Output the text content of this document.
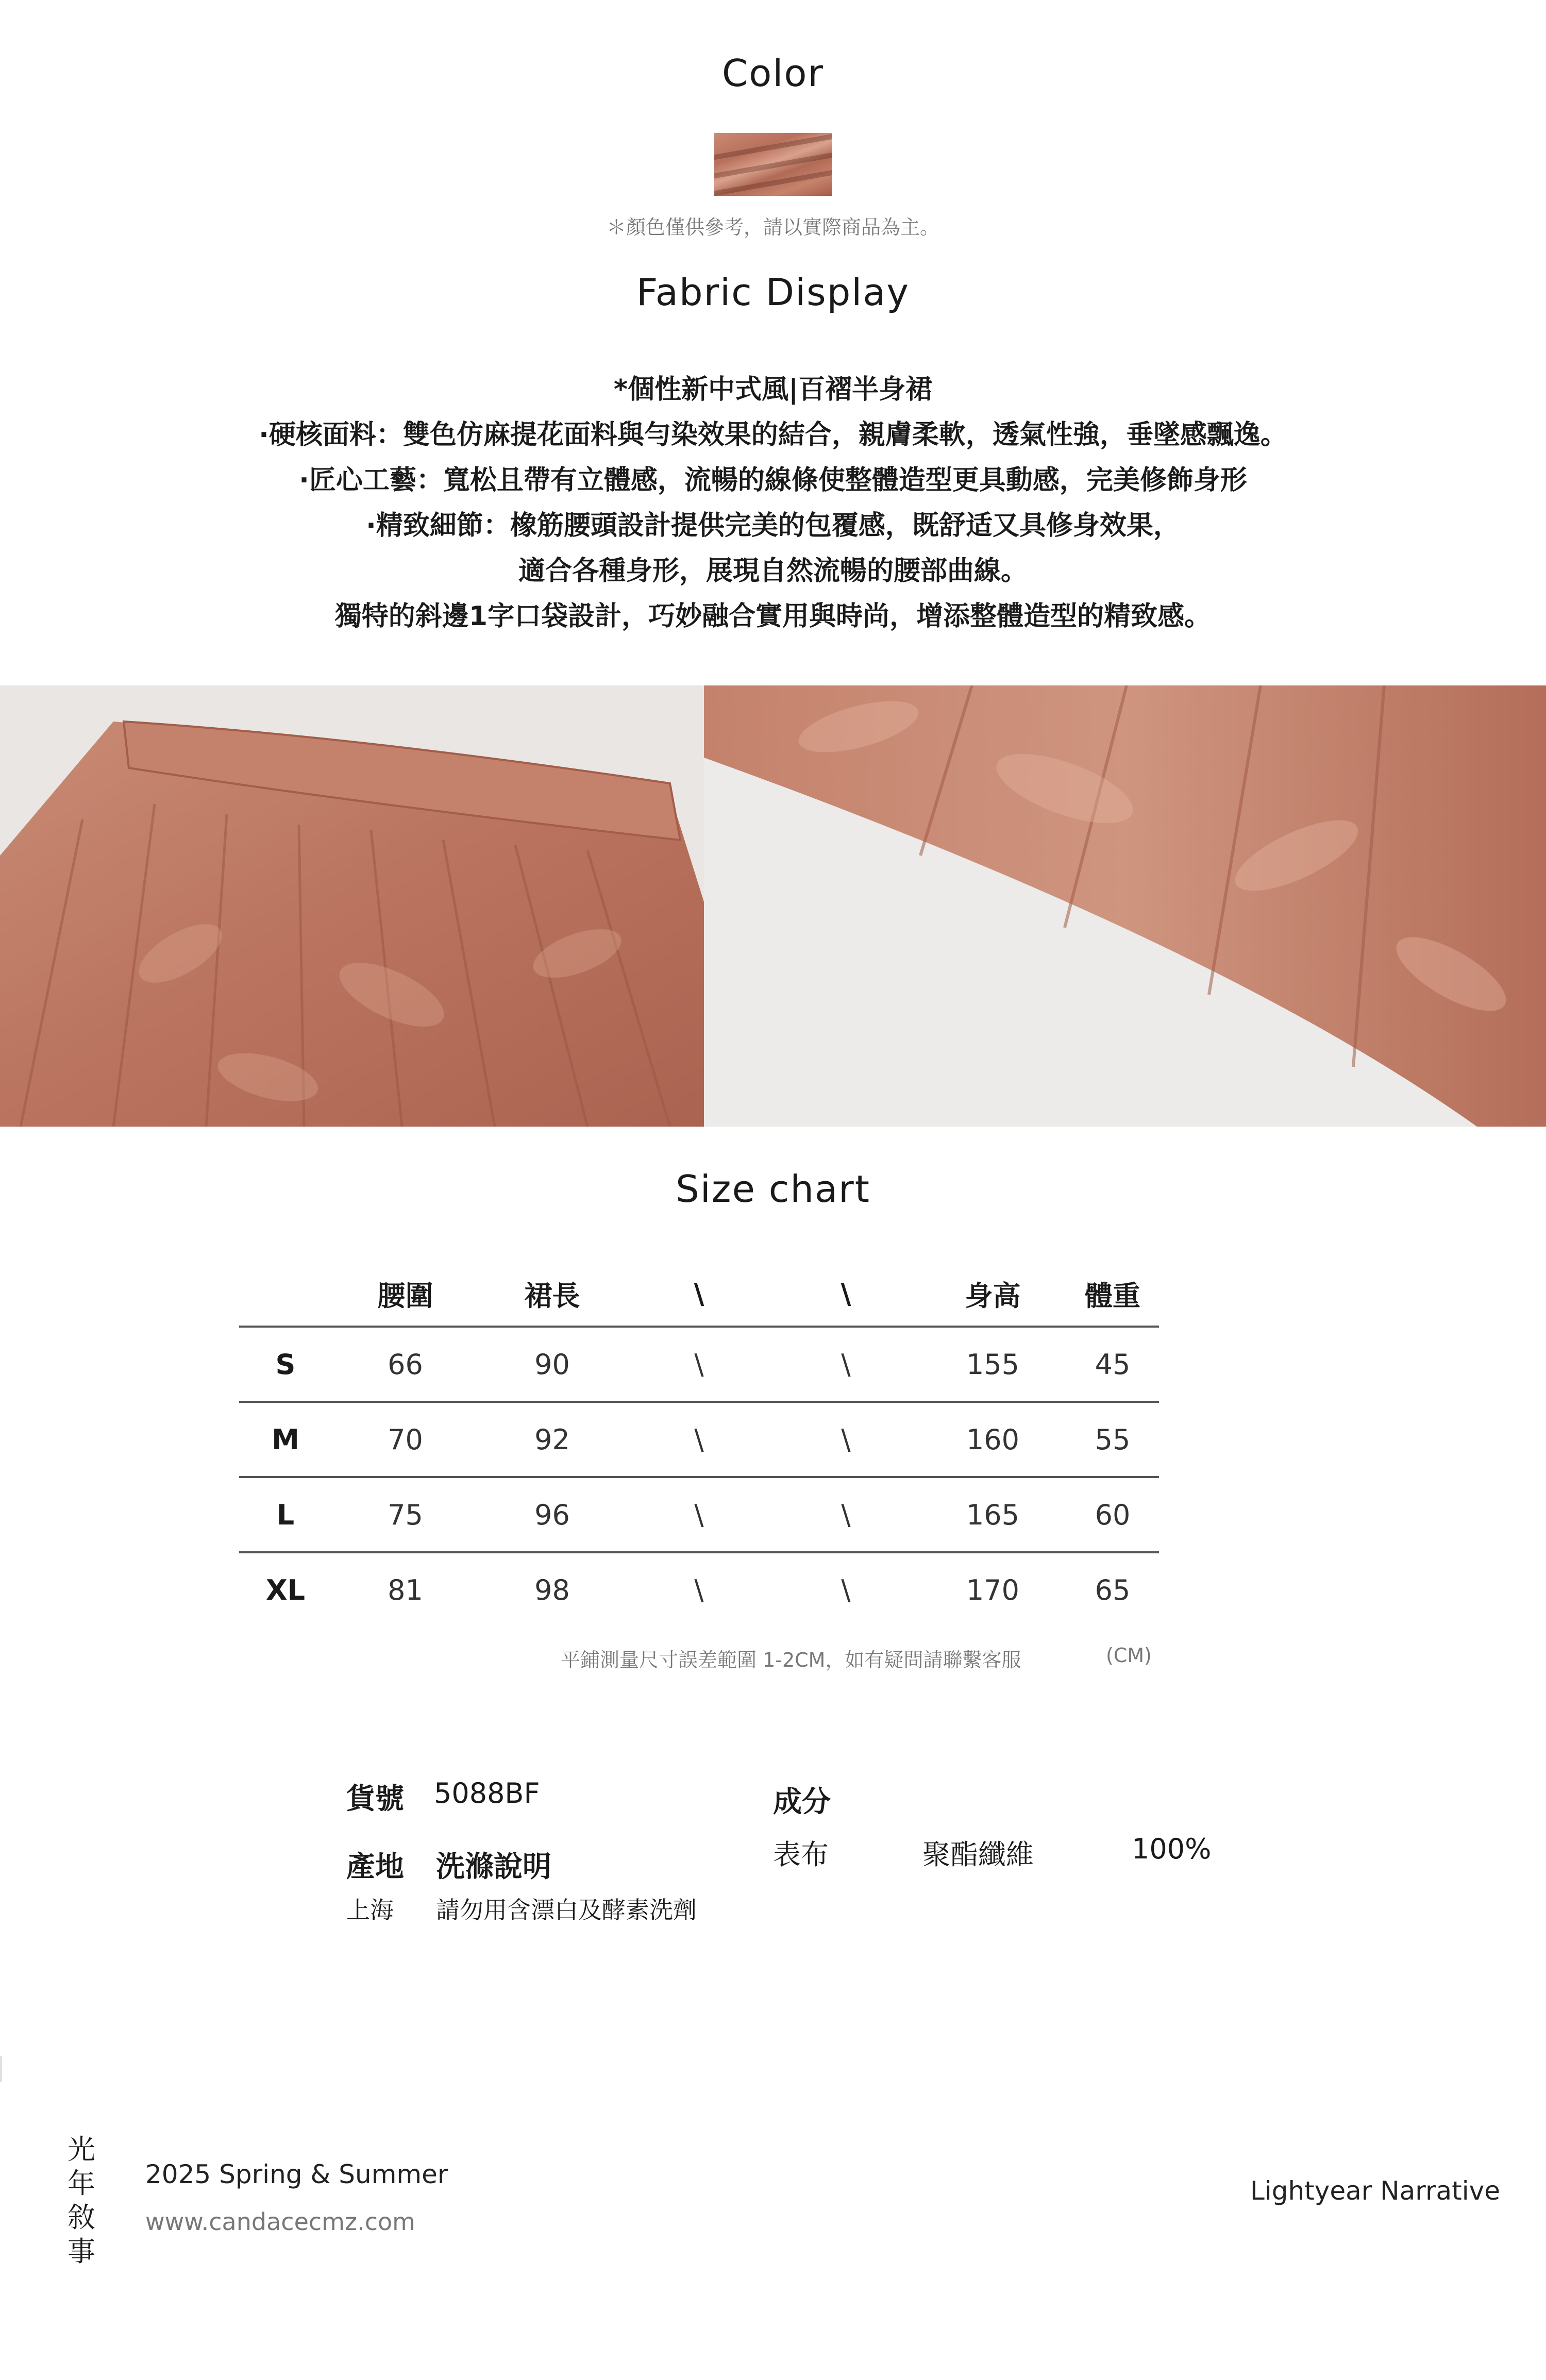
Color
＊顏色僅供參考，請以實際商品為主。
Fabric Display
*個性新中式風|百褶半身裙
·硬核面料：雙色仿麻提花面料與勻染效果的結合，親膚柔軟，透氣性強，垂墜感飄逸。
·匠心工藝：寬松且帶有立體感，流暢的線條使整體造型更具動感，完美修飾身形
·精致細節：橡筋腰頭設計提供完美的包覆感，既舒适又具修身效果，
適合各種身形，展現自然流暢的腰部曲線。
獨特的斜邊1字口袋設計，巧妙融合實用與時尚，增添整體造型的精致感。
Size chart
	腰圍	裙長	\	\	身高	體重
S	66	90	\	\	155	45
M	70	92	\	\	160	55
L	75	96	\	\	165	60
XL	81	98	\	\	170	65
平鋪測量尺寸誤差範圍 1-2CM，如有疑問請聯繫客服	(CM)
貨號 5088BF
產地 洗滌說明
上海 請勿用含漂白及酵素洗劑
成分
表布	聚酯纖維	100%
光
年
敘
事
2025 Spring & Summer
www.candacecmz.com
Lightyear Narrative
